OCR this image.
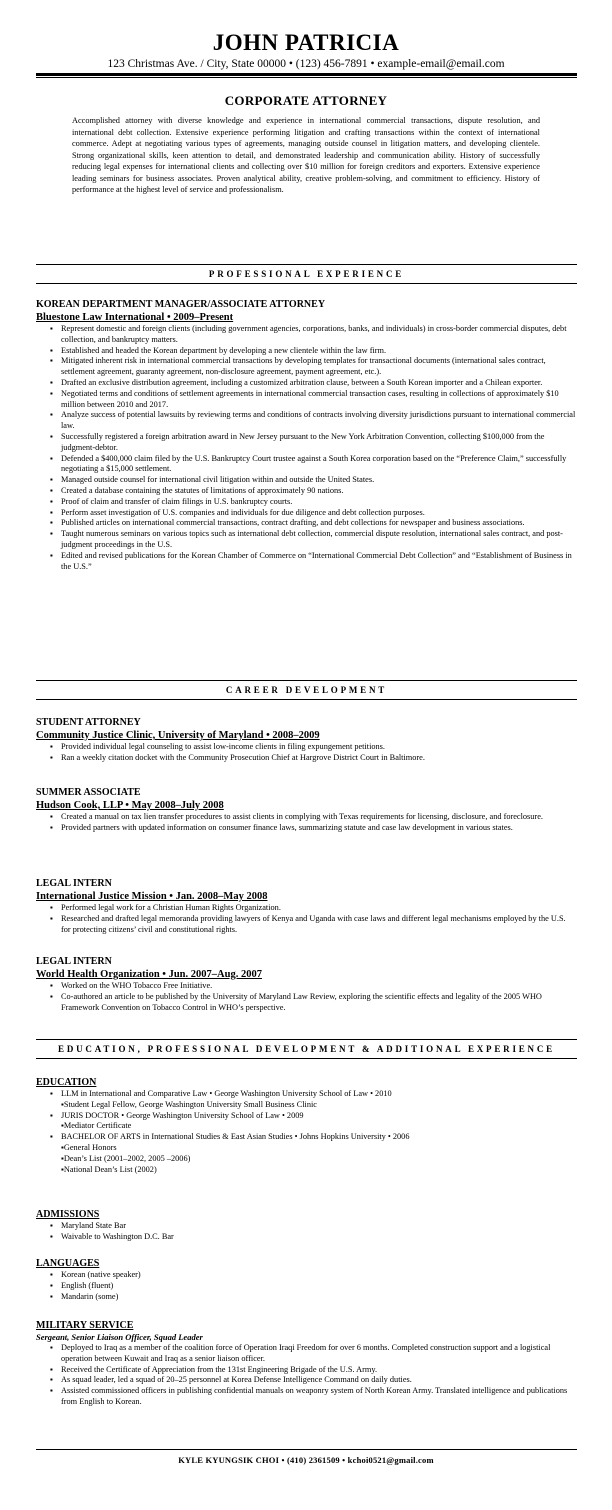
JOHN PATRICIA
123 Christmas Ave. / City, State 00000 • (123) 456-7891 • example-email@email.com
CORPORATE ATTORNEY

Accomplished attorney with diverse knowledge and experience in international commercial transactions, dispute resolution, and international debt collection. Extensive experience performing litigation and crafting transactions within the context of international commerce. Adept at negotiating various types of agreements, managing outside counsel in litigation matters, and developing clientele. Strong organizational skills, keen attention to detail, and demonstrated leadership and communication ability. History of successfully reducing legal expenses for international clients and collecting over $10 million for foreign creditors and exporters. Extensive experience leading seminars for business associates. Proven analytical ability, creative problem-solving, and commitment to efficiency. History of performance at the highest level of service and professionalism.

PROFESSIONAL EXPERIENCE
KOREAN DEPARTMENT MANAGER/ASSOCIATE ATTORNEY
Bluestone Law International • 2009–Present
▪ Represent domestic and foreign clients (including government agencies, corporations, banks, and individuals) in cross-border commercial disputes, debt collection, and bankruptcy matters.
▪ Established and headed the Korean department by developing a new clientele within the law firm.
▪ Mitigated inherent risk in international commercial transactions by developing templates for transactional documents (international sales contract, settlement agreement, guaranty agreement, non-disclosure agreement, payment agreement, etc.).
▪ Drafted an exclusive distribution agreement, including a customized arbitration clause, between a South Korean importer and a Chilean exporter.
▪ Negotiated terms and conditions of settlement agreements in international commercial transaction cases, resulting in collections of approximately $10 million between 2010 and 2017.
▪ Analyze success of potential lawsuits by reviewing terms and conditions of contracts involving diversity jurisdictions pursuant to international commercial law.
▪ Successfully registered a foreign arbitration award in New Jersey pursuant to the New York Arbitration Convention, collecting $100,000 from the judgment-debtor.
▪ Defended a $400,000 claim filed by the U.S. Bankruptcy Court trustee against a South Korea corporation based on the “Preference Claim,” successfully negotiating a $15,000 settlement.
▪ Managed outside counsel for international civil litigation within and outside the United States.
▪ Created a database containing the statutes of limitations of approximately 90 nations.
▪ Proof of claim and transfer of claim filings in U.S. bankruptcy courts.
▪ Perform asset investigation of U.S. companies and individuals for due diligence and debt collection purposes.
▪ Published articles on international commercial transactions, contract drafting, and debt collections for newspaper and business associations.
▪ Taught numerous seminars on various topics such as international debt collection, commercial dispute resolution, international sales contract, and post-judgment proceedings in the U.S.
▪ Edited and revised publications for the Korean Chamber of Commerce on “International Commercial Debt Collection” and “Establishment of Business in the U.S.”
CAREER DEVELOPMENT
STUDENT ATTORNEY
Community Justice Clinic, University of Maryland • 2008–2009
▪ Provided individual legal counseling to assist low-income clients in filing expungement petitions.
▪ Ran a weekly citation docket with the Community Prosecution Chief at Hargrove District Court in Baltimore.
SUMMER ASSOCIATE
Hudson Cook, LLP • May 2008–July 2008
▪ Created a manual on tax lien transfer procedures to assist clients in complying with Texas requirements for licensing, disclosure, and foreclosure.
▪ Provided partners with updated information on consumer finance laws, summarizing statute and case law development in various states.
LEGAL INTERN
International Justice Mission • Jan. 2008–May 2008
▪ Performed legal work for a Christian Human Rights Organization.
▪ Researched and drafted legal memoranda providing lawyers of Kenya and Uganda with case laws and different legal mechanisms employed by the U.S. for protecting citizens’ civil and constitutional rights.
LEGAL INTERN
World Health Organization • Jun. 2007–Aug. 2007
▪ Worked on the WHO Tobacco Free Initiative.
▪ Co-authored an article to be published by the University of Maryland Law Review, exploring the scientific effects and legality of the 2005 WHO Framework Convention on Tobacco Control in WHO’s perspective.
EDUCATION, PROFESSIONAL DEVELOPMENT & ADDITIONAL EXPERIENCE
EDUCATION
▪ LLM in International and Comparative Law • George Washington University School of Law • 2010
▪ Student Legal Fellow, George Washington University Small Business Clinic
▪ JURIS DOCTOR • George Washington University School of Law • 2009
▪ Mediator Certificate
▪ BACHELOR OF ARTS in International Studies & East Asian Studies • Johns Hopkins University • 2006
▪ General Honors
▪ Dean’s List (2001–2002, 2005 –2006)
▪ National Dean’s List (2002)
ADMISSIONS
▪ Maryland State Bar
▪ Waivable to Washington D.C. Bar
LANGUAGES
▪ Korean (native speaker)
▪ English (fluent)
▪ Mandarin (some)
MILITARY SERVICE
Sergeant, Senior Liaison Officer, Squad Leader
▪ Deployed to Iraq as a member of the coalition force of Operation Iraqi Freedom for over 6 months. Completed construction support and a logistical operation between Kuwait and Iraq as a senior liaison officer.
▪ Received the Certificate of Appreciation from the 131st Engineering Brigade of the U.S. Army.
▪ As squad leader, led a squad of 20–25 personnel at Korea Defense Intelligence Command on daily duties.
▪ Assisted commissioned officers in publishing confidential manuals on weaponry system of North Korean Army. Translated intelligence and publications from English to Korean.
KYLE KYUNGSIK CHOI • (410) 2361509 • kchoi0521@gmail.com
